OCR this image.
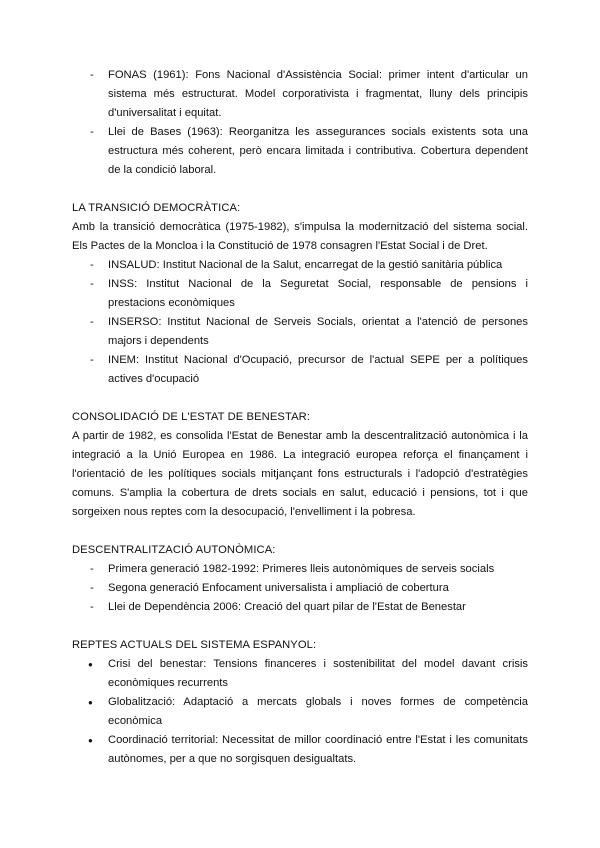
- FONAS (1961): Fons Nacional d'Assistència Social: primer intent d'articular un sistema més estructurat. Model corporativista i fragmentat, lluny dels principis d'universalitat i equitat.
- Llei de Bases (1963): Reorganitza les assegurances socials existents sota una estructura més coherent, però encara limitada i contributiva. Cobertura dependent de la condició laboral.

LA TRANSICIÓ DEMOCRÀTICA:

Amb la transició democràtica (1975-1982), s'impulsa la modernització del sistema social. Els Pactes de la Moncloa i la Constitució de 1978 consagren l'Estat Social i de Dret.

- INSALUD: Institut Nacional de la Salut, encarregat de la gestió sanitària pública
- INSS: Institut Nacional de la Seguretat Social, responsable de pensions i prestacions econòmiques
- INSERSO: Institut Nacional de Serveis Socials, orientat a l'atenció de persones majors i dependents
- INEM: Institut Nacional d'Ocupació, precursor de l'actual SEPE per a polítiques actives d'ocupació

CONSOLIDACIÓ DE L'ESTAT DE BENESTAR:

A partir de 1982, es consolida l'Estat de Benestar amb la descentralització autonòmica i la integració a la Unió Europea en 1986. La integració europea reforça el finançament i l'orientació de les polítiques socials mitjançant fons estructurals i l'adopció d'estratègies comuns. S'amplia la cobertura de drets socials en salut, educació i pensions, tot i que sorgeixen nous reptes com la desocupació, l'envelliment i la pobresa.

DESCENTRALITZACIÓ AUTONÒMICA:

- Primera generació 1982-1992: Primeres lleis autonòmiques de serveis socials
- Segona generació Enfocament universalista i ampliació de cobertura
- Llei de Dependència 2006: Creació del quart pilar de l'Estat de Benestar

REPTES ACTUALS DEL SISTEMA ESPANYOL:

● Crisi del benestar: Tensions financeres i sostenibilitat del model davant crisis econòmiques recurrents
● Globalització: Adaptació a mercats globals i noves formes de competència econòmica
● Coordinació territorial: Necessitat de millor coordinació entre l'Estat i les comunitats autònomes, per a que no sorgisquen desigualtats.
